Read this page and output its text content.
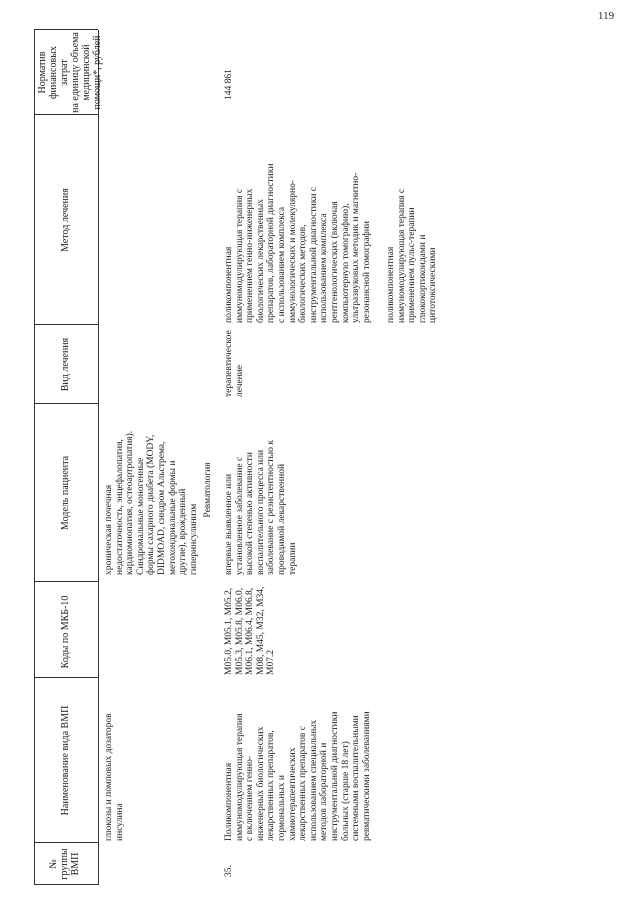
119
№
группы
ВМП
Наименование вида ВМП
Коды по МКБ-10
Модель пациента
Вид лечения
Метод лечения
Норматив
финансовых затрат
на единицу объема
медицинской
помощи*, рублей
глюкозы и помповых дозаторов
инсулина
хроническая почечная
недостаточность, энцефалопатия,
кардиомиопатия, остеоартропатия).
Синдромальные моногенные
формы сахарного диабета (MODY,
DIDMOAD, синдром Альстрема,
метохондриальные формы и
другие), врожденный
гиперинсулинизм
Ревматология
35.
Поликомпонентная
иммуномодулирующая терапия
с включением генно-
инженерных биологических
лекарственных препаратов,
гормональных и
химиотерапевтических
лекарственных препаратов с
использованием специальных
методов лабораторной и
инструментальной диагностики
больных (старше 18 лет)
системными воспалительными
ревматическими заболеваниями
M05.0, M05.1, M05.2,
M05.3, M05.8, M06.0,
M06.1, M06.4, M06.8,
M08, M45, M32, M34,
M07.2
впервые выявленное или
установленное заболевание с
высокой степенью активности
воспалительного процесса или
заболевание с резистентностью к
проводимой лекарственной
терапии
терапевтическое
лечение
поликомпонентная
иммуномодулирующая терапия с
применением генно-инженерных
биологических лекарственных
препаратов, лабораторной диагностики
с использованием комплекса
иммунологических и молекулярно-
биологических методов,
инструментальной диагностики с
использованием комплекса
рентгенологических (включая
компьютерную томографию),
ультразвуковых методик и магнитно-
резонансной томографии
поликомпонентная
иммуномодулирующая терапия с
применением пульс-терапии
глюкокортикоидами и
цитотоксическими
144 861
